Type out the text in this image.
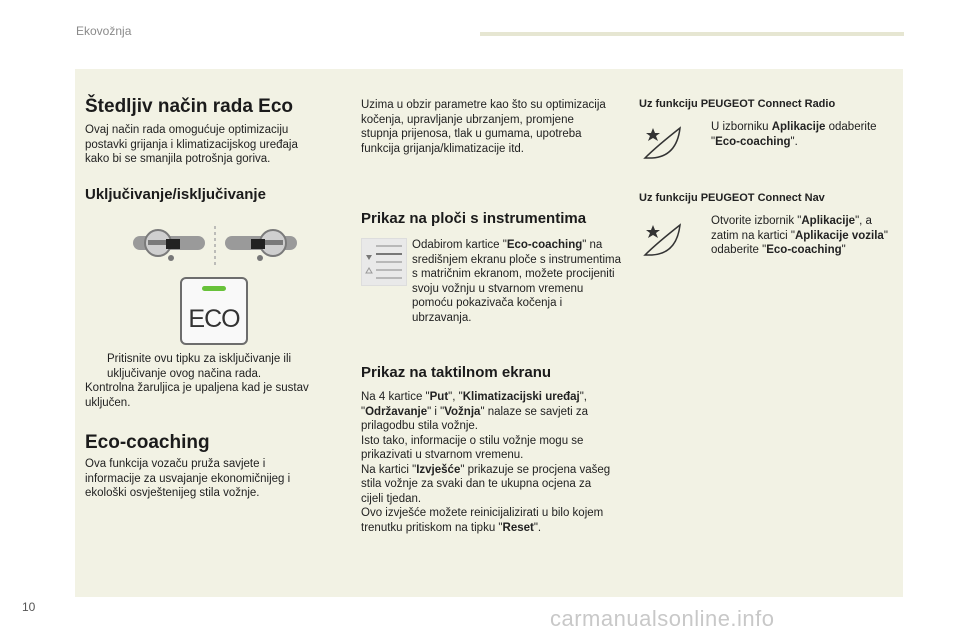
Ekovožnja
Štedljiv način rada Eco
Ovaj način rada omogućuje optimizaciju postavki grijanja i klimatizacijskog uređaja kako bi se smanjila potrošnja goriva.
Uključivanje/isključivanje
ECO
Pritisnite ovu tipku za isključivanje ili uključivanje ovog načina rada.
Kontrolna žaruljica je upaljena kad je sustav uključen.
Eco-coaching
Ova funkcija vozaču pruža savjete i informacije za usvajanje ekonomičnijeg i ekološki osvještenijeg stila vožnje.
Uzima u obzir parametre kao što su optimizacija kočenja, upravljanje ubrzanjem, promjene stupnja prijenosa, tlak u gumama, upotreba funkcija grijanja/klimatizacije itd.
Prikaz na ploči s instrumentima
Odabirom kartice "Eco-coaching" na središnjem ekranu ploče s instrumentima s matričnim ekranom, možete procijeniti svoju vožnju u stvarnom vremenu pomoću pokazivača kočenja i ubrzavanja.
Prikaz na taktilnom ekranu
Na 4 kartice "Put", "Klimatizacijski uređaj", "Održavanje" i "Vožnja" nalaze se savjeti za prilagodbu stila vožnje.
Isto tako, informacije o stilu vožnje mogu se prikazivati u stvarnom vremenu.
Na kartici "Izvješće" prikazuje se procjena vašeg stila vožnje za svaki dan te ukupna ocjena za cijeli tjedan.
Ovo izvješće možete reinicijalizirati u bilo kojem trenutku pritiskom na tipku "Reset".
Uz funkciju PEUGEOT Connect Radio
U izborniku Aplikacije odaberite "Eco-coaching".
Uz funkciju PEUGEOT Connect Nav
Otvorite izbornik "Aplikacije", a zatim na kartici "Aplikacije vozila" odaberite "Eco-coaching"
10	carmanualsonline.info
